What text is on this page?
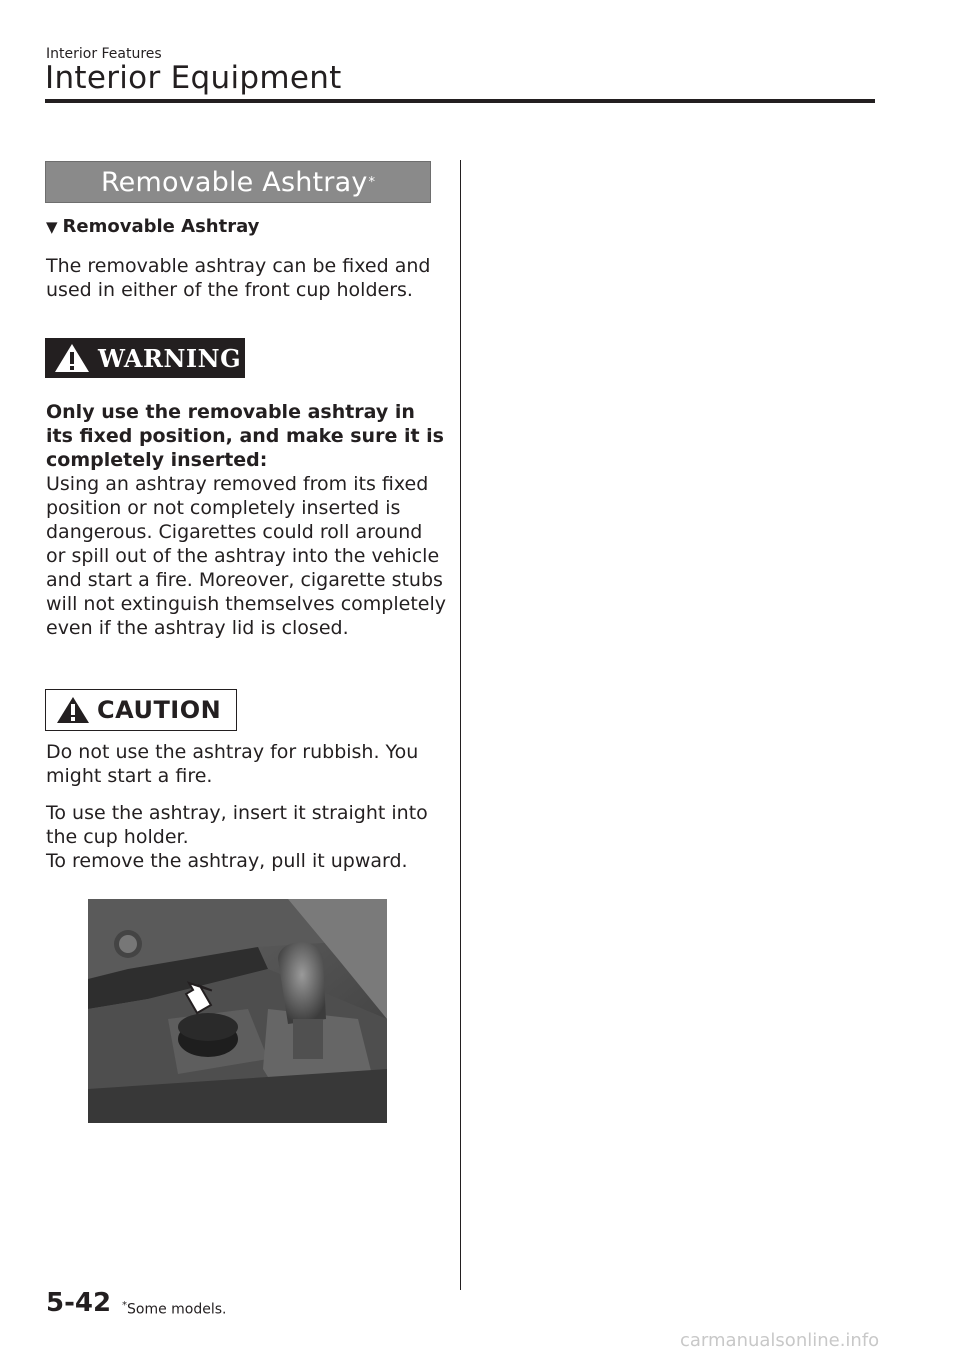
Interior Features
Interior Equipment
Removable Ashtray *
▼ Removable Ashtray
The removable ashtray can be fixed and used in either of the front cup holders.
WARNING
Only use the removable ashtray in its fixed position, and make sure it is completely inserted:
Using an ashtray removed from its fixed position or not completely inserted is dangerous. Cigarettes could roll around or spill out of the ashtray into the vehicle and start a fire. Moreover, cigarette stubs will not extinguish themselves completely even if the ashtray lid is closed.
CAUTION
Do not use the ashtray for rubbish. You might start a fire.
To use the ashtray, insert it straight into the cup holder.
To remove the ashtray, pull it upward.
5-42 *Some models.
carmanualsonline.info
